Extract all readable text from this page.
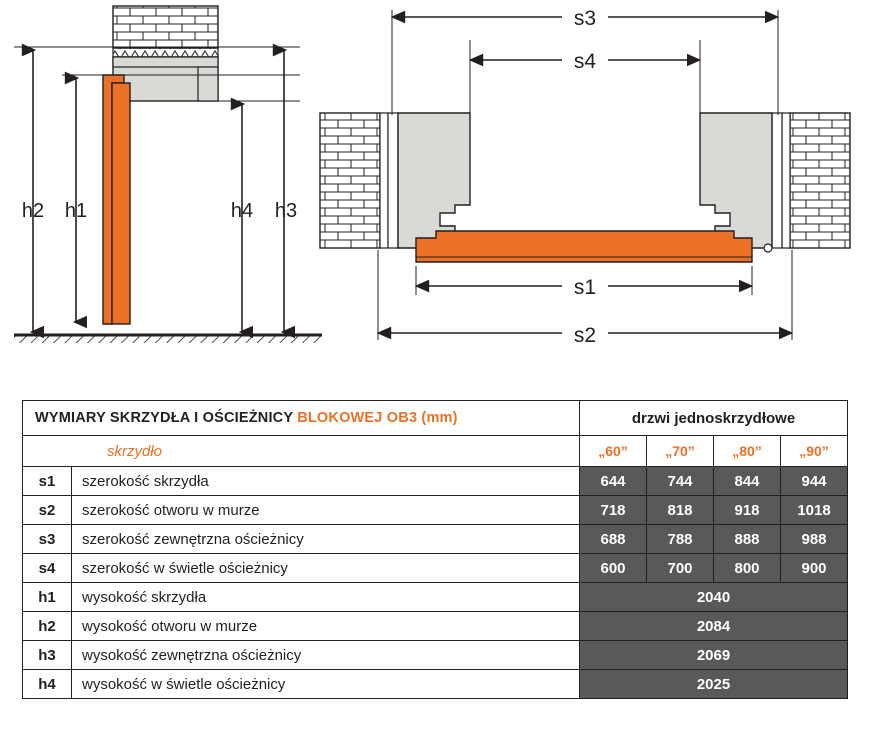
h2 h1	h4 h3
s3
s4
s1
s2
WYMIARY SKRZYDŁA I OŚCIEŻNICY BLOKOWEJ OB3 (mm)		drzwi jednoskrzydłowe			
skrzydło		„60”	„70”	„80”	„90”
s1	szerokość skrzydła	644	744	844	944
s2	szerokość otworu w murze	718	818	918	1018
s3	szerokość zewnętrzna ościeżnicy	688	788	888	988
s4	szerokość w świetle ościeżnicy	600	700	800	900
h1	wysokość skrzydła	2040			
h2	wysokość otworu w murze	2084			
h3	wysokość zewnętrzna ościeżnicy	2069			
h4	wysokość w świetle ościeżnicy	2025			
